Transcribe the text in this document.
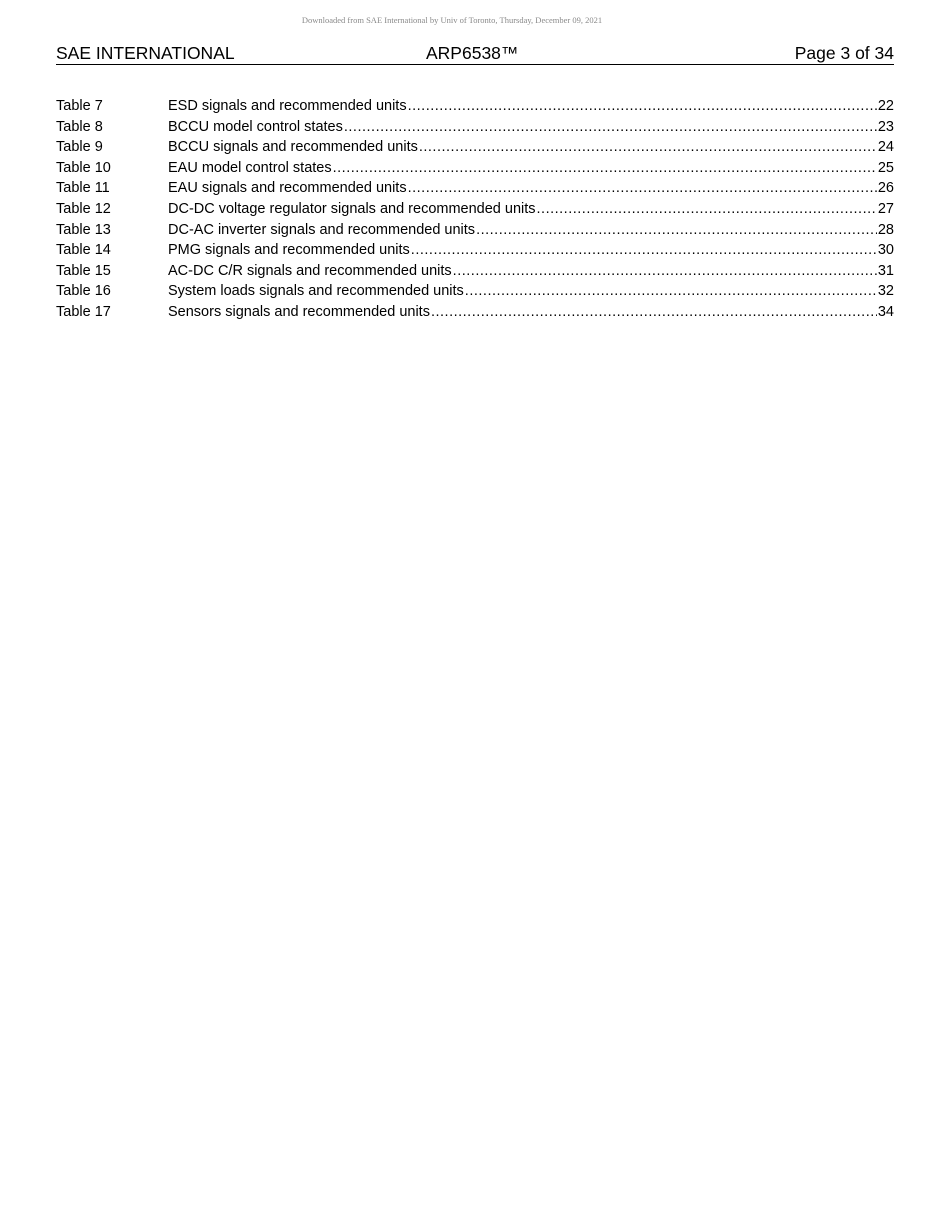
Downloaded from SAE International by Univ of Toronto, Thursday, December 09, 2021
SAE INTERNATIONAL	ARP6538™	Page 3 of 34
Table 7	ESD signals and recommended units .....	22
Table 8	BCCU model control states .....	23
Table 9	BCCU signals and recommended units .....	24
Table 10	EAU model control states .....	25
Table 11	EAU signals and recommended units .....	26
Table 12	DC-DC voltage regulator signals and recommended units .....	27
Table 13	DC-AC inverter signals and recommended units .....	28
Table 14	PMG signals and recommended units .....	30
Table 15	AC-DC C/R signals and recommended units .....	31
Table 16	System loads signals and recommended units .....	32
Table 17	Sensors signals and recommended units .....	34
